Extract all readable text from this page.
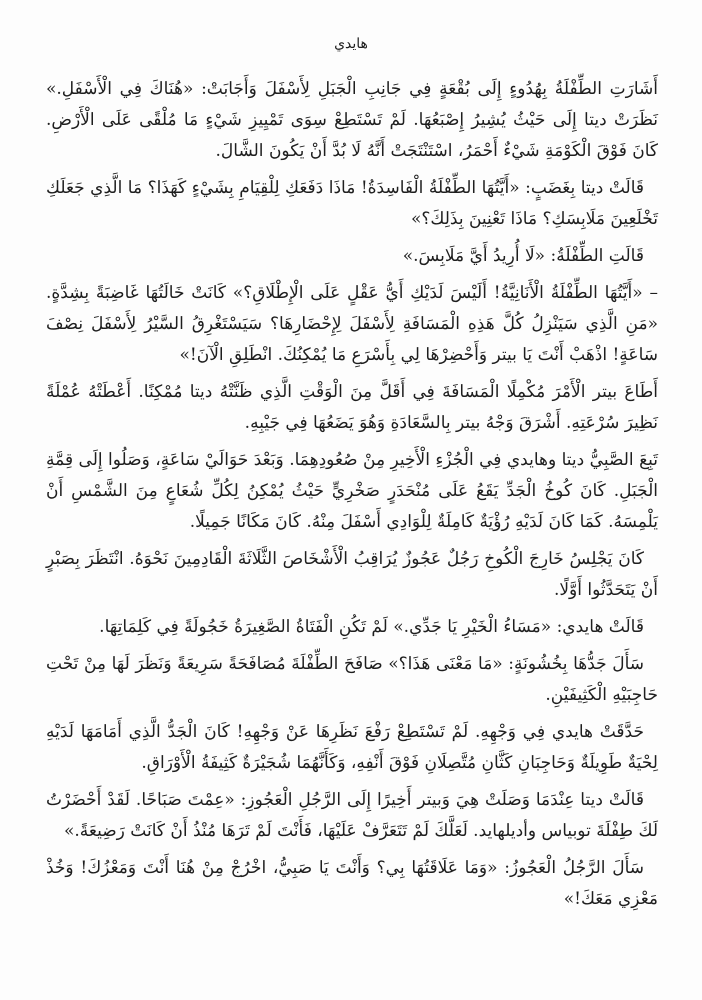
هايدي

أَشَارَتِ الطِّفْلَةُ بِهُدُوءٍ إِلَى بُقْعَةٍ فِي جَانِبِ الْجَبَلِ لِأَسْفَلَ وَأَجَابَتْ: «هُنَاكَ فِي الْأَسْفَلِ.» نَظَرَتْ ديتا إِلَى حَيْثُ يُشِيرُ إِصْبَعُهَا. لَمْ تَسْتَطِعْ سِوَى تَمْيِيزِ شَيْءٍ مَا مُلْقًى عَلَى الْأَرْضِ. كَانَ فَوْقَ الْكَوْمَةِ شَيْءٌ أَحْمَرُ، اسْتَنْتَجَتْ أَنَّهُ لَا بُدَّ أَنْ يَكُونَ الشَّالَ.

قَالَتْ ديتا بِغَضَبٍ: «أَيَّتُهَا الطِّفْلَةُ الْفَاسِدَةُ! مَاذَا دَفَعَكِ لِلْقِيَامِ بِشَيْءٍ كَهَذَا؟ مَا الَّذِي جَعَلَكِ تَخْلَعِينَ مَلَابِسَكِ؟ مَاذَا تَعْنِينَ بِذَلِكَ؟»

قَالَتِ الطِّفْلَةُ: «لَا أُرِيدُ أَيَّ مَلَابِسَ.»

– «أَيَّتُهَا الطِّفْلَةُ الْأَنَانِيَّةُ! أَلَيْسَ لَدَيْكِ أَيُّ عَقْلٍ عَلَى الْإِطْلَاقِ؟» كَانَتْ خَالَتُهَا غَاضِبَةً بِشِدَّةٍ. «مَنِ الَّذِي سَيَنْزِلُ كُلَّ هَذِهِ الْمَسَافَةِ لِأَسْفَلَ لِإِحْضَارِهَا؟ سَيَسْتَغْرِقُ السَّيْرُ لِأَسْفَلَ نِصْفَ سَاعَةٍ! اذْهَبْ أَنْتَ يَا بيتر وَأَحْضِرْهَا لِي بِأَسْرَعِ مَا يُمْكِنُكَ. انْطَلِقِ الْآنَ!»

أَطَاعَ بيتر الْأَمْرَ مُكْمِلًا الْمَسَافَةَ فِي أَقَلَّ مِنَ الْوَقْتِ الَّذِي ظَنَّتْهُ ديتا مُمْكِنًا. أَعْطَتْهُ عُمْلَةً نَظِيرَ سُرْعَتِهِ. أَشْرَقَ وَجْهُ بيتر بِالسَّعَادَةِ وَهُوَ يَضَعُهَا فِي جَيْبِهِ.

تَبِعَ الصَّبِيُّ ديتا وهايدي فِي الْجُزْءِ الْأَخِيرِ مِنْ صُعُودِهِمَا. وَبَعْدَ حَوَالَيْ سَاعَةٍ، وَصَلُوا إِلَى قِمَّةِ الْجَبَلِ. كَانَ كُوخُ الْجَدِّ يَقَعُ عَلَى مُنْحَدَرٍ صَخْرِيٍّ حَيْثُ يُمْكِنُ لِكُلِّ شُعَاعٍ مِنَ الشَّمْسِ أَنْ يَلْمِسَهُ. كَمَا كَانَ لَدَيْهِ رُؤْيَةٌ كَامِلَةٌ لِلْوَادِي أَسْفَلَ مِنْهُ. كَانَ مَكَانًا جَمِيلًا.

كَانَ يَجْلِسُ خَارِجَ الْكُوخِ رَجُلٌ عَجُوزٌ يُرَاقِبُ الْأَشْخَاصَ الثَّلَاثَةَ الْقَادِمِينَ نَحْوَهُ. انْتَظَرَ بِصَبْرٍ أَنْ يَتَحَدَّثُوا أَوَّلًا.

قَالَتْ هايدي: «مَسَاءُ الْخَيْرِ يَا جَدِّي.» لَمْ تَكُنِ الْفَتَاةُ الصَّغِيرَةُ خَجُولَةً فِي كَلِمَاتِهَا.

سَأَلَ جَدُّهَا بِخُشُونَةٍ: «مَا مَعْنَى هَذَا؟» صَافَحَ الطِّفْلَةَ مُصَافَحَةً سَرِيعَةً وَنَظَرَ لَهَا مِنْ تَحْتِ حَاجِبَيْهِ الْكَثِيفَيْنِ.

حَدَّقَتْ هايدي فِي وَجْهِهِ. لَمْ تَسْتَطِعْ رَفْعَ نَظَرِهَا عَنْ وَجْهِهِ! كَانَ الْجَدُّ الَّذِي أَمَامَهَا لَدَيْهِ لِحْيَةٌ طَوِيلَةٌ وَحَاجِبَانِ كَثَّانِ مُتَّصِلَانِ فَوْقَ أَنْفِهِ، وَكَأَنَّهُمَا شُجَيْرَةٌ كَثِيفَةُ الْأَوْرَاقِ.

قَالَتْ ديتا عِنْدَمَا وَصَلَتْ هِيَ وَبيتر أَخِيرًا إِلَى الرَّجُلِ الْعَجُوزِ: «عِمْتَ صَبَاحًا. لَقَدْ أَحْضَرْتُ لَكَ طِفْلَةَ توبياس وأديلهايد. لَعَلَّكَ لَمْ تَتَعَرَّفْ عَلَيْهَا، فَأَنْتَ لَمْ تَرَهَا مُنْذُ أَنْ كَانَتْ رَضِيعَةً.»

سَأَلَ الرَّجُلُ الْعَجُوزُ: «وَمَا عَلَاقَتُهَا بِي؟ وَأَنْتَ يَا صَبِيُّ، اخْرُجْ مِنْ هُنَا أَنْتَ وَمَعْزُكَ! وَخُذْ مَعْزِي مَعَكَ!»
